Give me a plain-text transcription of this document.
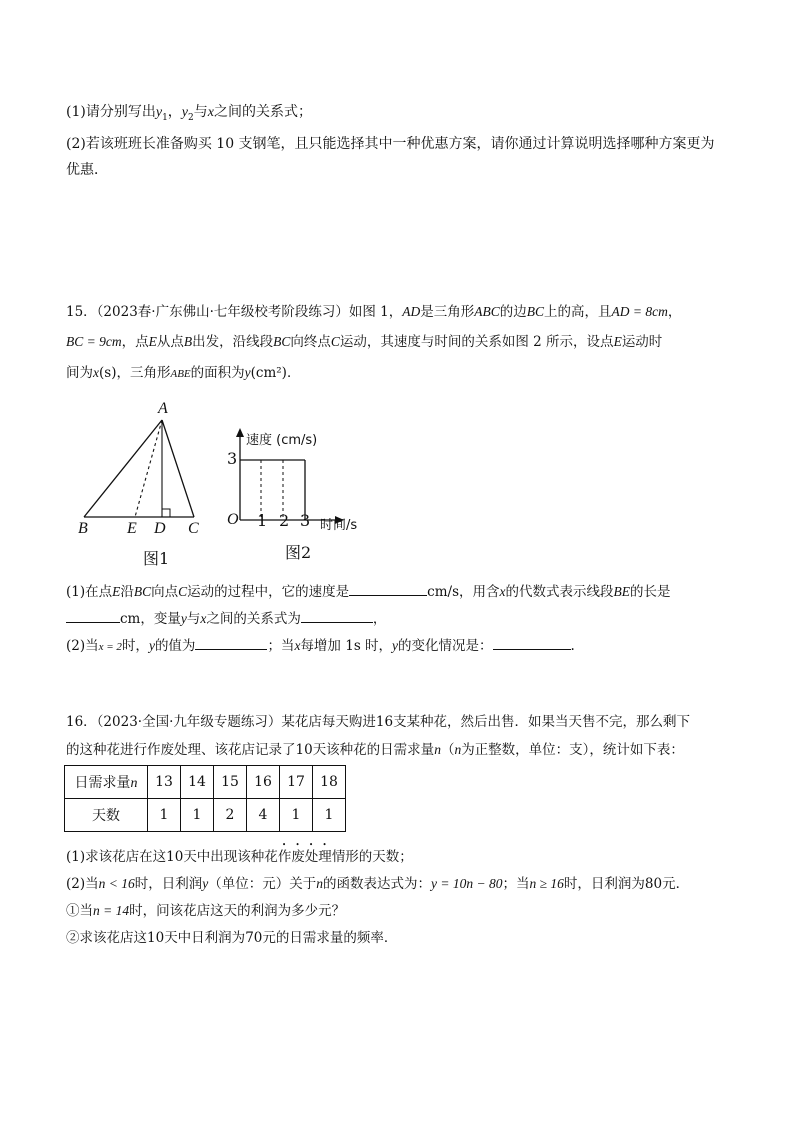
(1)请分别写出$y_1$，$y_2$与x之间的关系式；
(2)若该班班长准备购买 10 支钢笔，且只能选择其中一种优惠方案，请你通过计算说明选择哪种方案更为
优惠．
15．（2023春·广东佛山·七年级校考阶段练习）如图 1，AD是三角形ABC的边BC上的高，且AD = 8cm，
BC = 9cm，点E从点B出发，沿线段BC向终点C运动，其速度与时间的关系如图 2 所示，设点E运动时
间为x(s)，三角形ABE的面积为y(cm²)．
A
B E D C
图1
速度 (cm/s)
3
O 1 2 3 时间/s
图2
(1)在点E沿BC向点C运动的过程中，它的速度是	cm/s，用含x的代数式表示线段BE的长是
cm，变量y与x之间的关系式为	，
(2)当x = 2时，y的值为	；当x每增加 1s 时，y的变化情况是：	.
16．（2023·全国·九年级专题练习）某花店每天购进16支某种花，然后出售．如果当天售不完，那么剩下
的这种花进行作废处理、该花店记录了10天该种花的日需求量n（n为正整数，单位：支），统计如下表：
日需求量n	13	14	15	16	17	18
天数	1	1	2	4	1	1
(1)求该花店在这10天中出现该种花作废处理情形的天数；
(2)当n < 16时，日利润y（单位：元）关于n的函数表达式为：y = 10n − 80；当n ≥ 16时，日利润为80元．
①当n = 14时，问该花店这天的利润为多少元？
②求该花店这10天中日利润为70元的日需求量的频率．
